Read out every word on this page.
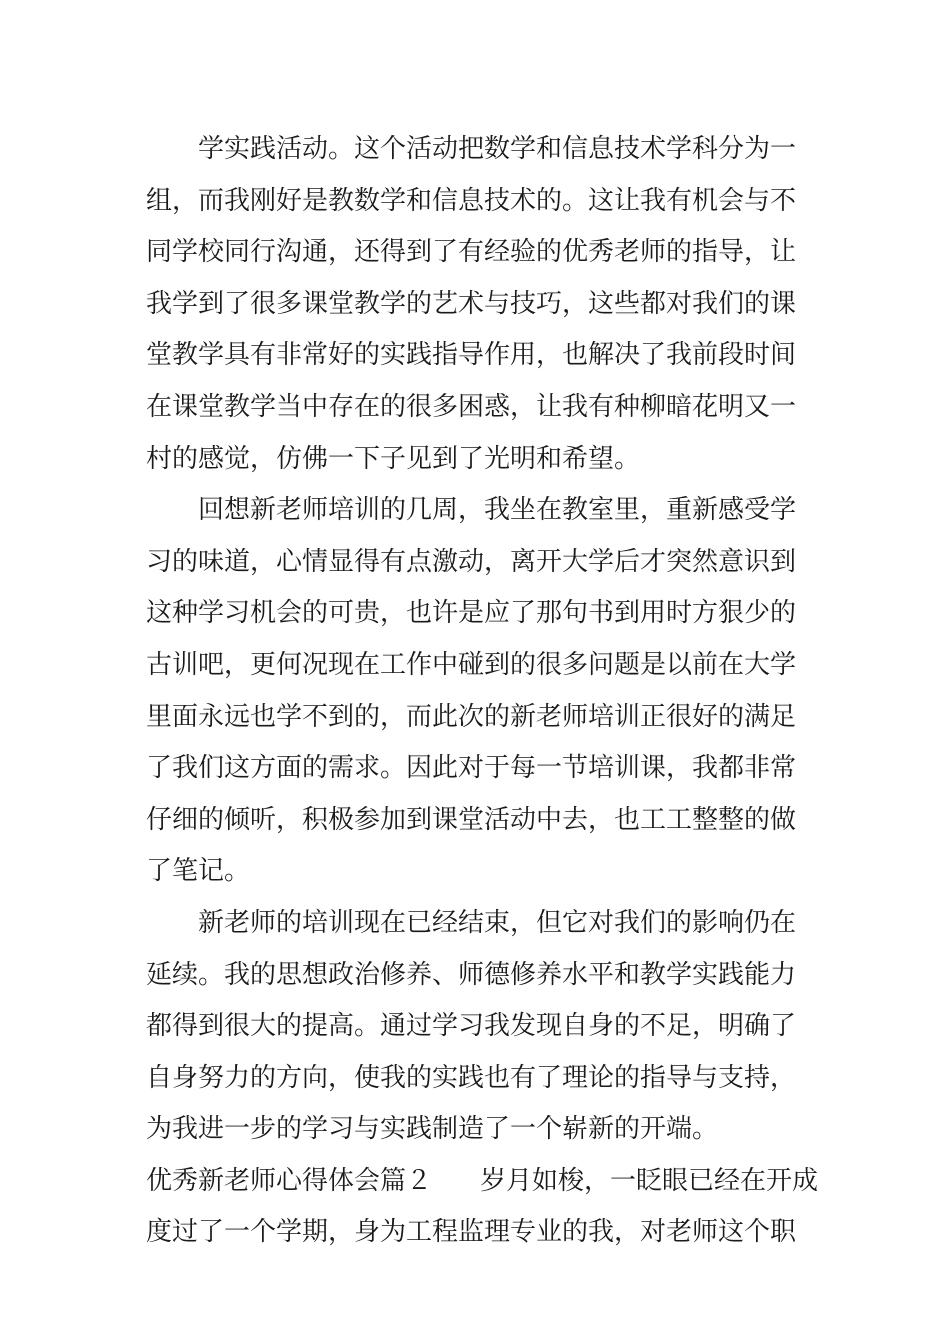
学实践活动。这个活动把数学和信息技术学科分为一
组，而我刚好是教数学和信息技术的。这让我有机会与不
同学校同行沟通，还得到了有经验的优秀老师的指导，让
我学到了很多课堂教学的艺术与技巧，这些都对我们的课
堂教学具有非常好的实践指导作用，也解决了我前段时间
在课堂教学当中存在的很多困惑，让我有种柳暗花明又一
村的感觉，仿佛一下子见到了光明和希望。
回想新老师培训的几周，我坐在教室里，重新感受学
习的味道，心情显得有点激动，离开大学后才突然意识到
这种学习机会的可贵，也许是应了那句书到用时方狠少的
古训吧，更何况现在工作中碰到的很多问题是以前在大学
里面永远也学不到的，而此次的新老师培训正很好的满足
了我们这方面的需求。因此对于每一节培训课，我都非常
仔细的倾听，积极参加到课堂活动中去，也工工整整的做
了笔记。
新老师的培训现在已经结束，但它对我们的影响仍在
延续。我的思想政治修养、师德修养水平和教学实践能力
都得到很大的提高。通过学习我发现自身的不足，明确了
自身努力的方向，使我的实践也有了理论的指导与支持，
为我进一步的学习与实践制造了一个崭新的开端。
优秀新老师心得体会篇２ 岁月如梭，一眨眼已经在开成
度过了一个学期，身为工程监理专业的我，对老师这个职
